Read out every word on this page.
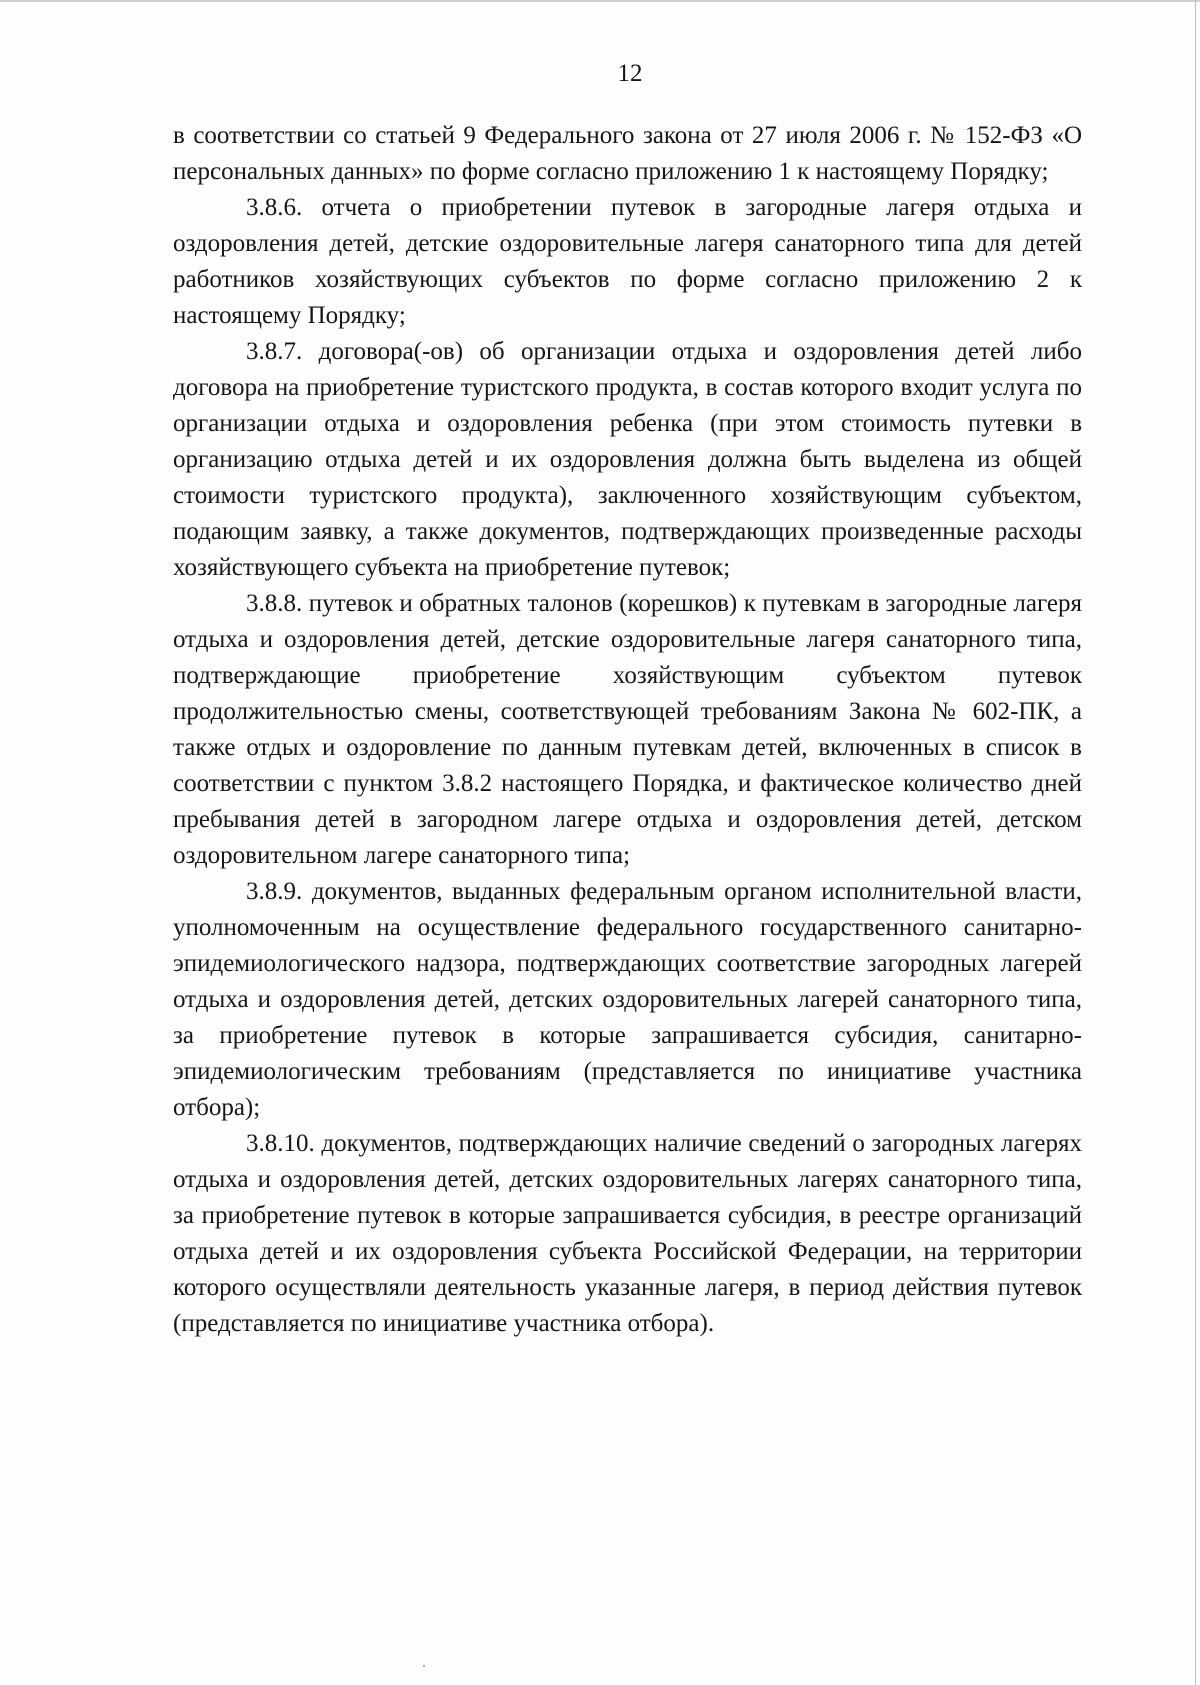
12

в соответствии со статьей 9 Федерального закона от 27 июля 2006 г. № 152-ФЗ «О персональных данных» по форме согласно приложению 1 к настоящему Порядку;

3.8.6. отчета о приобретении путевок в загородные лагеря отдыха и оздоровления детей, детские оздоровительные лагеря санаторного типа для детей работников хозяйствующих субъектов по форме согласно приложению 2 к настоящему Порядку;

3.8.7. договора(-ов) об организации отдыха и оздоровления детей либо договора на приобретение туристского продукта, в состав которого входит услуга по организации отдыха и оздоровления ребенка (при этом стоимость путевки в организацию отдыха детей и их оздоровления должна быть выделена из общей стоимости туристского продукта), заключенного хозяйствующим субъектом, подающим заявку, а также документов, подтверждающих произведенные расходы хозяйствующего субъекта на приобретение путевок;

3.8.8. путевок и обратных талонов (корешков) к путевкам в загородные лагеря отдыха и оздоровления детей, детские оздоровительные лагеря санаторного типа, подтверждающие приобретение хозяйствующим субъектом путевок продолжительностью смены, соответствующей требованиям Закона № 602-ПК, а также отдых и оздоровление по данным путевкам детей, включенных в список в соответствии с пунктом 3.8.2 настоящего Порядка, и фактическое количество дней пребывания детей в загородном лагере отдыха и оздоровления детей, детском оздоровительном лагере санаторного типа;

3.8.9. документов, выданных федеральным органом исполнительной власти, уполномоченным на осуществление федерального государственного санитарно-эпидемиологического надзора, подтверждающих соответствие загородных лагерей отдыха и оздоровления детей, детских оздоровительных лагерей санаторного типа, за приобретение путевок в которые запрашивается субсидия, санитарно-эпидемиологическим требованиям (представляется по инициативе участника отбора);

3.8.10. документов, подтверждающих наличие сведений о загородных лагерях отдыха и оздоровления детей, детских оздоровительных лагерях санаторного типа, за приобретение путевок в которые запрашивается субсидия, в реестре организаций отдыха детей и их оздоровления субъекта Российской Федерации, на территории которого осуществляли деятельность указанные лагеря, в период действия путевок (представляется по инициативе участника отбора).
